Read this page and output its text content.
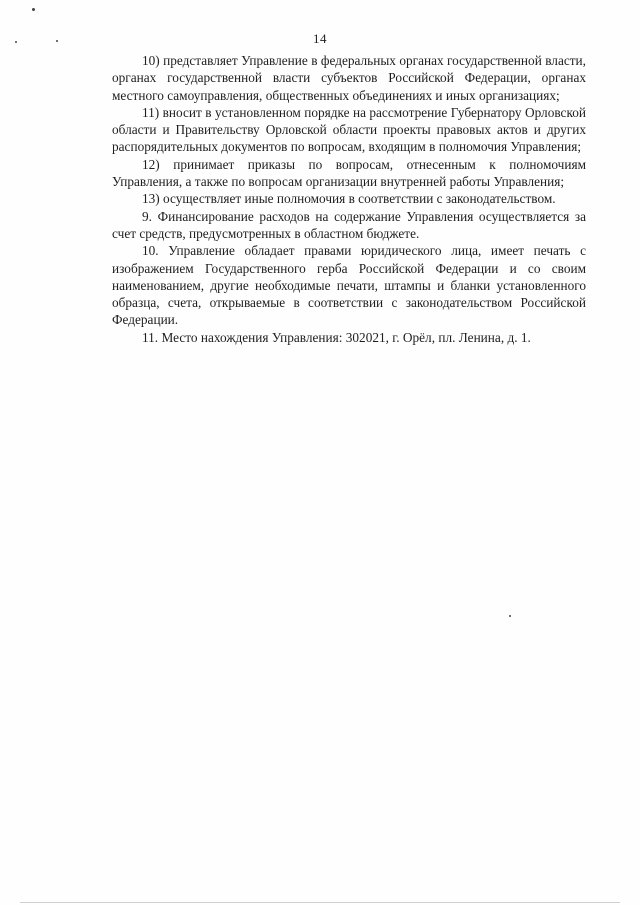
14

10) представляет Управление в федеральных органах государственной власти, органах государственной власти субъектов Российской Федерации, органах местного самоуправления, общественных объединениях и иных организациях;

11) вносит в установленном порядке на рассмотрение Губернатору Орловской области и Правительству Орловской области проекты правовых актов и других распорядительных документов по вопросам, входящим в полномочия Управления;

12) принимает приказы по вопросам, отнесенным к полномочиям Управления, а также по вопросам организации внутренней работы Управления;

13) осуществляет иные полномочия в соответствии с законодательством.

9. Финансирование расходов на содержание Управления осуществляется за счет средств, предусмотренных в областном бюджете.

10. Управление обладает правами юридического лица, имеет печать с изображением Государственного герба Российской Федерации и со своим наименованием, другие необходимые печати, штампы и бланки установленного образца, счета, открываемые в соответствии с законодательством Российской Федерации.

11. Место нахождения Управления: 302021, г. Орёл, пл. Ленина, д. 1.
